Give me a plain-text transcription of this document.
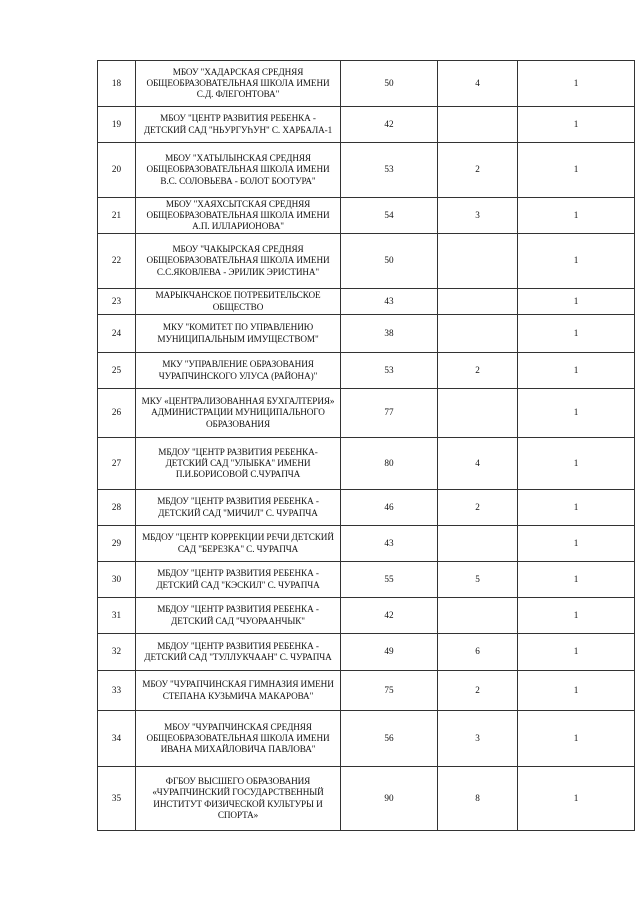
18	МБОУ "ХАДАРСКАЯ СРЕДНЯЯ ОБЩЕОБРАЗОВАТЕЛЬНАЯ ШКОЛА ИМЕНИ С.Д. ФЛЕГОНТОВА"	50	4	1
19	МБОУ "ЦЕНТР РАЗВИТИЯ РЕБЕНКА - ДЕТСКИЙ САД "НЬУРГУҺУН" С. ХАРБАЛА-1	42		1
20	МБОУ "ХАТЫЛЫНСКАЯ СРЕДНЯЯ ОБЩЕОБРАЗОВАТЕЛЬНАЯ ШКОЛА ИМЕНИ В.С. СОЛОВЬЕВА - БОЛОТ БООТУРА"	53	2	1
21	МБОУ "ХАЯХСЫТСКАЯ СРЕДНЯЯ ОБЩЕОБРАЗОВАТЕЛЬНАЯ ШКОЛА ИМЕНИ А.П. ИЛЛАРИОНОВА"	54	3	1
22	МБОУ "ЧАКЫРСКАЯ СРЕДНЯЯ ОБЩЕОБРАЗОВАТЕЛЬНАЯ ШКОЛА ИМЕНИ С.С.ЯКОВЛЕВА - ЭРИЛИК ЭРИСТИНА"	50		1
23	МАРЫКЧАНСКОЕ ПОТРЕБИТЕЛЬСКОЕ ОБЩЕСТВО	43		1
24	МКУ "КОМИТЕТ ПО УПРАВЛЕНИЮ МУНИЦИПАЛЬНЫМ ИМУЩЕСТВОМ"	38		1
25	МКУ "УПРАВЛЕНИЕ ОБРАЗОВАНИЯ ЧУРАПЧИНСКОГО УЛУСА (РАЙОНА)"	53	2	1
26	МКУ «ЦЕНТРАЛИЗОВАННАЯ БУХГАЛТЕРИЯ» АДМИНИСТРАЦИИ МУНИЦИПАЛЬНОГО ОБРАЗОВАНИЯ	77		1
27	МБДОУ "ЦЕНТР РАЗВИТИЯ РЕБЕНКА-ДЕТСКИЙ САД "УЛЫБКА" ИМЕНИ П.И.БОРИСОВОЙ С.ЧУРАПЧА	80	4	1
28	МБДОУ "ЦЕНТР РАЗВИТИЯ РЕБЕНКА - ДЕТСКИЙ САД "МИЧИЛ" С. ЧУРАПЧА	46	2	1
29	МБДОУ "ЦЕНТР КОРРЕКЦИИ РЕЧИ ДЕТСКИЙ САД "БЕРЕЗКА" С. ЧУРАПЧА	43		1
30	МБДОУ "ЦЕНТР РАЗВИТИЯ РЕБЕНКА - ДЕТСКИЙ САД "КЭСКИЛ" С. ЧУРАПЧА	55	5	1
31	МБДОУ "ЦЕНТР РАЗВИТИЯ РЕБЕНКА - ДЕТСКИЙ САД "ЧУОРААНЧЫК"	42		1
32	МБДОУ "ЦЕНТР РАЗВИТИЯ РЕБЕНКА - ДЕТСКИЙ САД "ТУЛЛУКЧААН" С. ЧУРАПЧА	49	6	1
33	МБОУ "ЧУРАПЧИНСКАЯ ГИМНАЗИЯ ИМЕНИ СТЕПАНА КУЗЬМИЧА МАКАРОВА"	75	2	1
34	МБОУ "ЧУРАПЧИНСКАЯ СРЕДНЯЯ ОБЩЕОБРАЗОВАТЕЛЬНАЯ ШКОЛА ИМЕНИ ИВАНА МИХАЙЛОВИЧА ПАВЛОВА"	56	3	1
35	ФГБОУ ВЫСШЕГО ОБРАЗОВАНИЯ «ЧУРАПЧИНСКИЙ ГОСУДАРСТВЕННЫЙ ИНСТИТУТ ФИЗИЧЕСКОЙ КУЛЬТУРЫ И СПОРТА»	90	8	1
